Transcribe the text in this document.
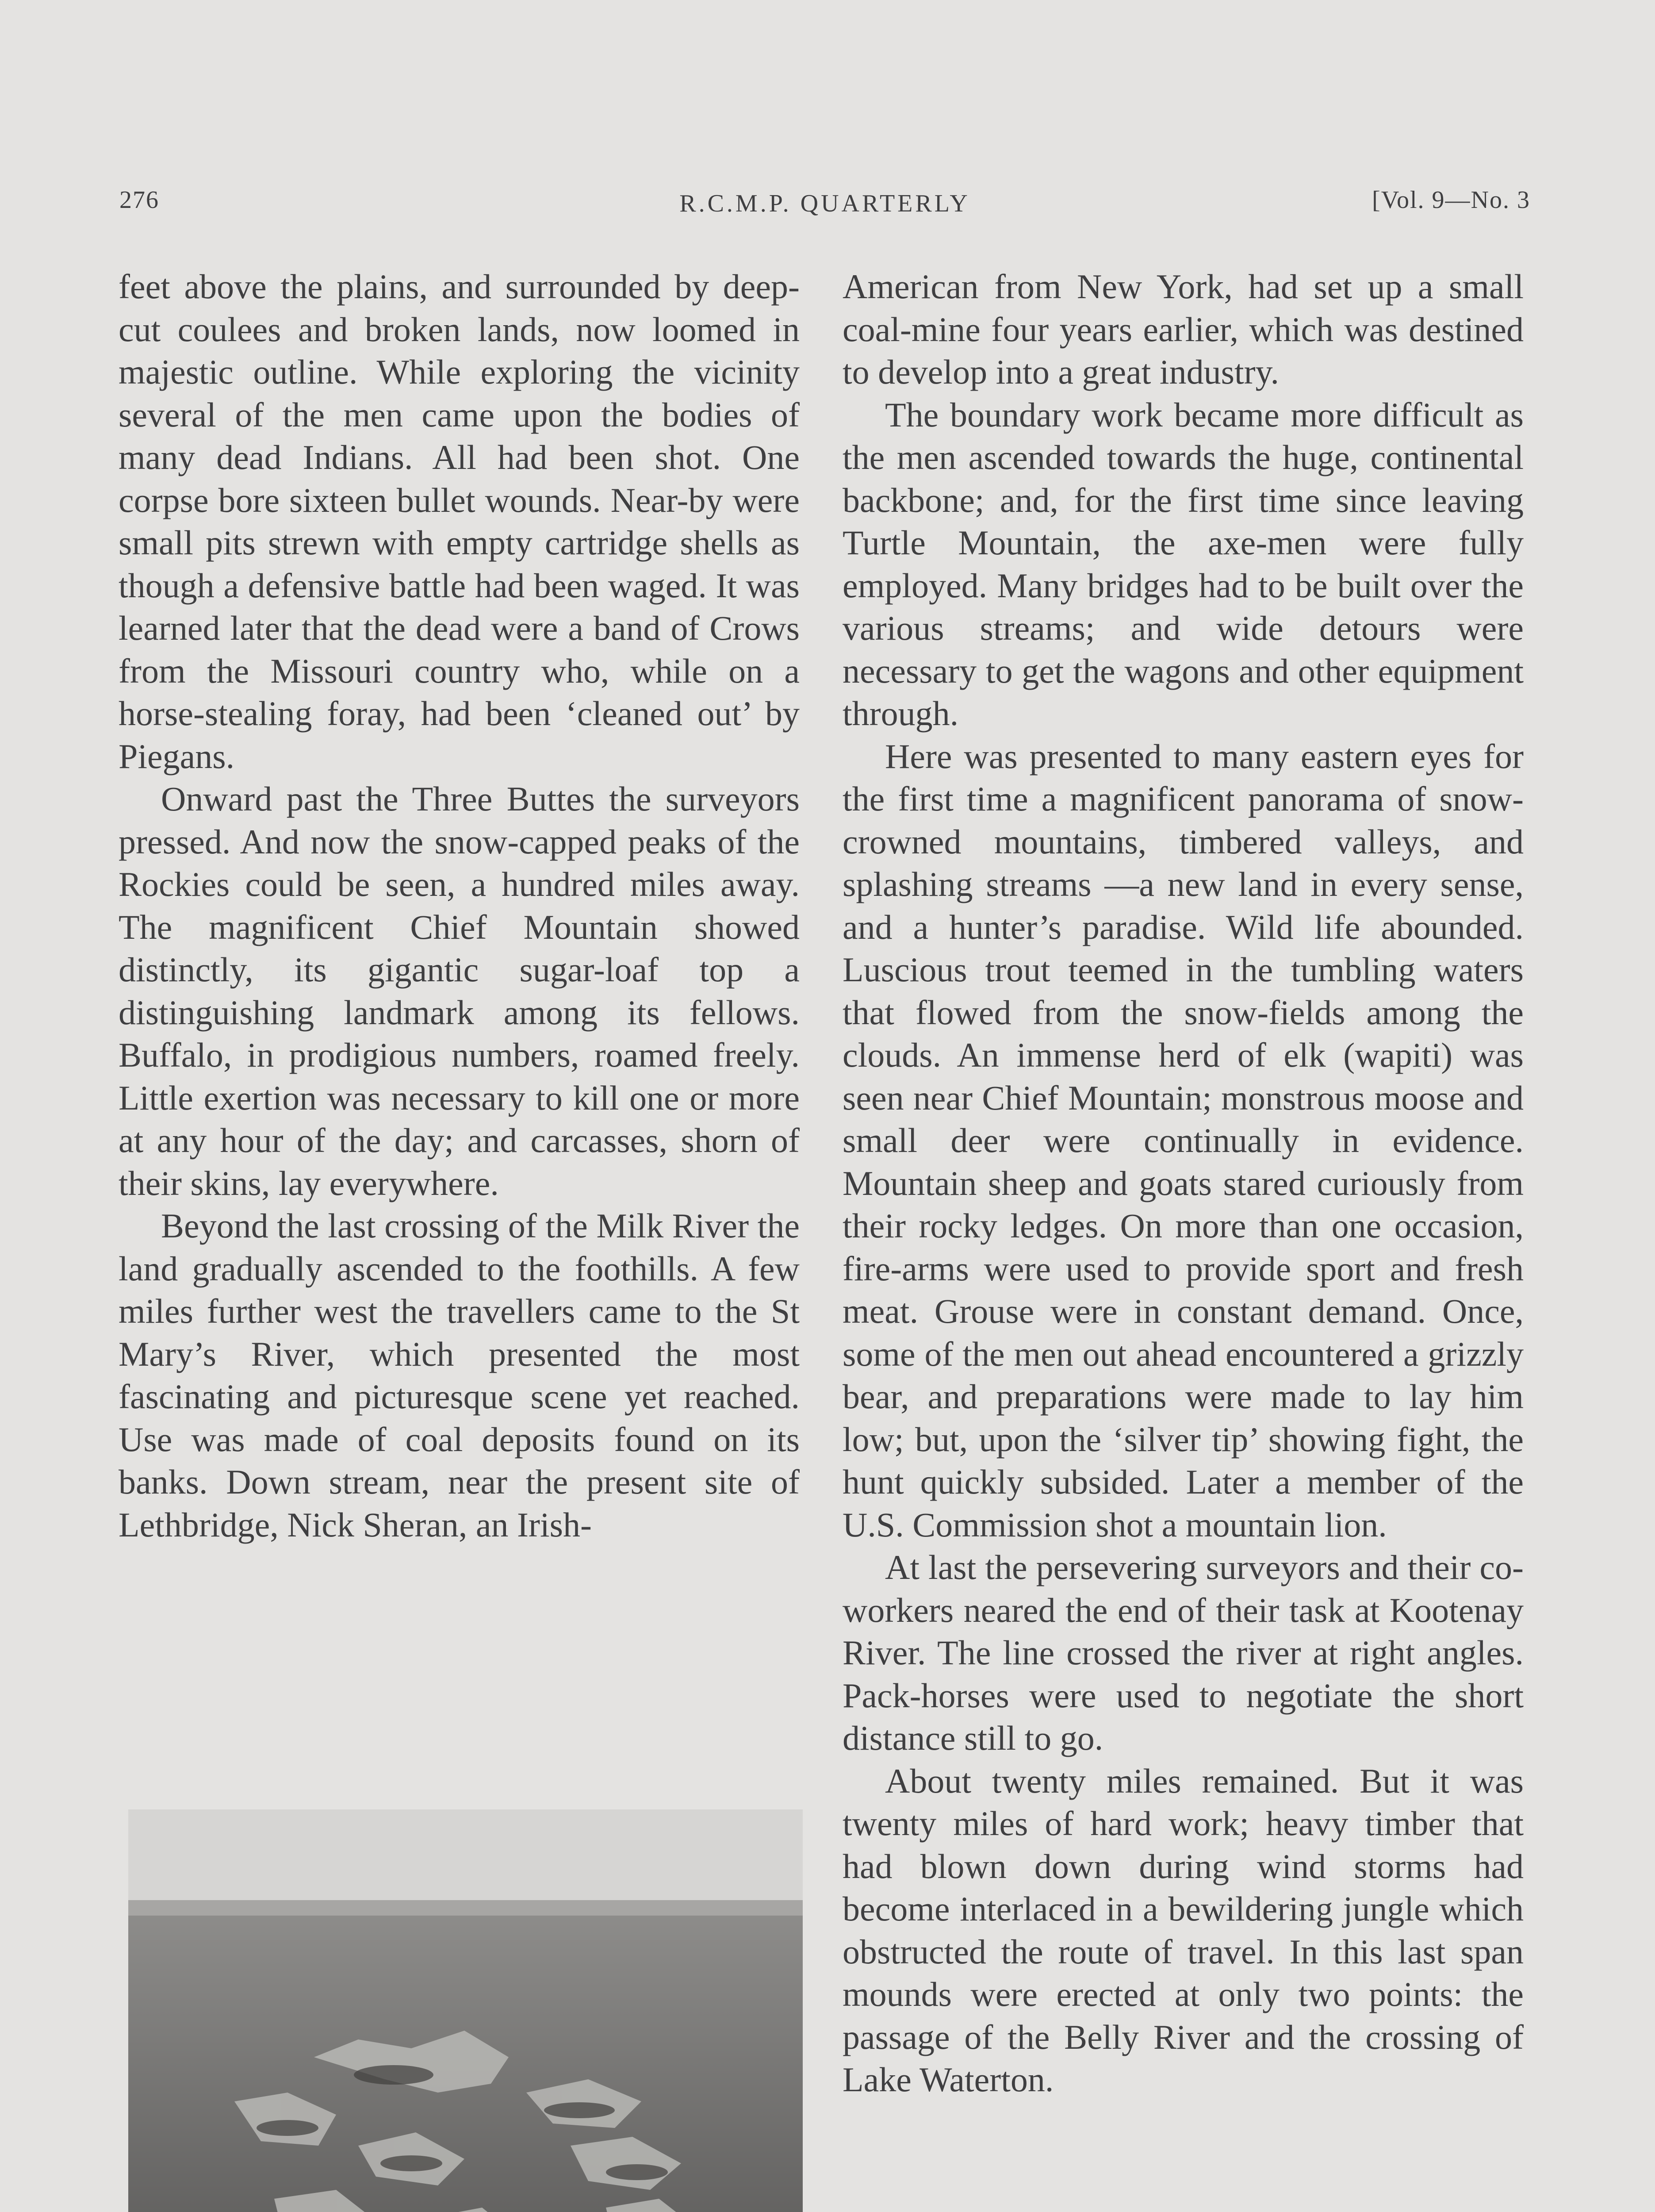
276	R.C.M.P. QUARTERLY	[Vol. 9—No. 3

feet above the plains, and surrounded by deep-cut coulees and broken lands, now loomed in majestic outline. While exploring the vicinity several of the men came upon the bodies of many dead Indians. All had been shot. One corpse bore sixteen bullet wounds. Near-by were small pits strewn with empty cartridge shells as though a defensive battle had been waged. It was learned later that the dead were a band of Crows from the Missouri country who, while on a horse-stealing foray, had been ‘cleaned out’ by Piegans.

Onward past the Three Buttes the surveyors pressed. And now the snow-capped peaks of the Rockies could be seen, a hundred miles away. The magnificent Chief Mountain showed distinctly, its gigantic sugar-loaf top a distinguishing landmark among its fellows. Buffalo, in prodigious numbers, roamed freely. Little exertion was necessary to kill one or more at any hour of the day; and carcasses, shorn of their skins, lay everywhere.

Beyond the last crossing of the Milk River the land gradually ascended to the foothills. A few miles further west the travellers came to the St Mary’s River, which presented the most fascinating and picturesque scene yet reached. Use was made of coal deposits found on its banks. Down stream, near the present site of Lethbridge, Nick Sheran, an Irish-

American from New York, had set up a small coal-mine four years earlier, which was destined to develop into a great industry.

The boundary work became more difficult as the men ascended towards the huge, continental backbone; and, for the first time since leaving Turtle Mountain, the axe-men were fully employed. Many bridges had to be built over the various streams; and wide detours were necessary to get the wagons and other equipment through.

Here was presented to many eastern eyes for the first time a magnificent panorama of snow-crowned mountains, timbered valleys, and splashing streams —a new land in every sense, and a hunter’s paradise. Wild life abounded. Luscious trout teemed in the tumbling waters that flowed from the snow-fields among the clouds. An immense herd of elk (wapiti) was seen near Chief Mountain; monstrous moose and small deer were continually in evidence. Mountain sheep and goats stared curiously from their rocky ledges. On more than one occasion, fire-arms were used to provide sport and fresh meat. Grouse were in constant demand. Once, some of the men out ahead encountered a grizzly bear, and preparations were made to lay him low; but, upon the ‘silver tip’ showing fight, the hunt quickly subsided. Later a member of the U.S. Commission shot a mountain lion.

At last the persevering surveyors and their co-workers neared the end of their task at Kootenay River. The line crossed the river at right angles. Pack-horses were used to negotiate the short distance still to go.

About twenty miles remained. But it was twenty miles of hard work; heavy timber that had blown down during wind storms had become interlaced in a bewildering jungle which obstructed the route of travel. In this last span mounds were erected at only two points: the passage of the Belly River and the crossing of Lake Waterton.
